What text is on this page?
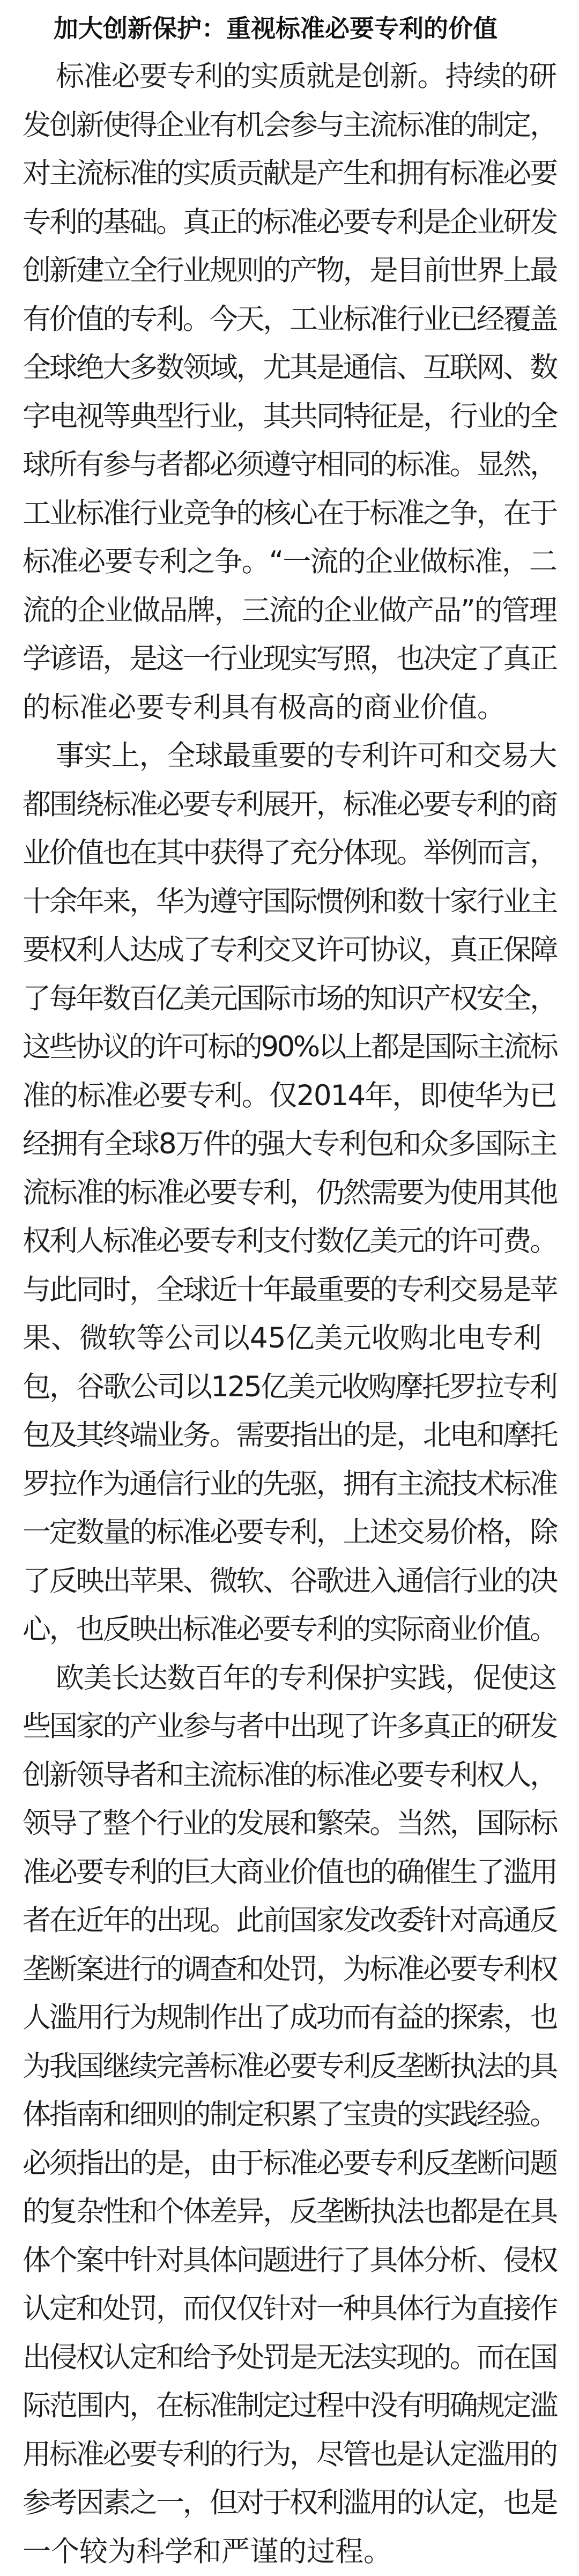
加大创新保护：重视标准必要专利的价值

标准必要专利的实质就是创新。持续的研
发创新使得企业有机会参与主流标准的制定，
对主流标准的实质贡献是产生和拥有标准必要
专利的基础。真正的标准必要专利是企业研发
创新建立全行业规则的产物，是目前世界上最
有价值的专利。今天，工业标准行业已经覆盖
全球绝大多数领域，尤其是通信、互联网、数
字电视等典型行业，其共同特征是，行业的全
球所有参与者都必须遵守相同的标准。显然，
工业标准行业竞争的核心在于标准之争，在于
标准必要专利之争。“一流的企业做标准，二
流的企业做品牌，三流的企业做产品”的管理
学谚语，是这一行业现实写照，也决定了真正
的标准必要专利具有极高的商业价值。

事实上，全球最重要的专利许可和交易大
都围绕标准必要专利展开，标准必要专利的商
业价值也在其中获得了充分体现。举例而言，
十余年来，华为遵守国际惯例和数十家行业主
要权利人达成了专利交叉许可协议，真正保障
了每年数百亿美元国际市场的知识产权安全，
这些协议的许可标的90%以上都是国际主流标
准的标准必要专利。仅2014年，即使华为已
经拥有全球8万件的强大专利包和众多国际主
流标准的标准必要专利，仍然需要为使用其他
权利人标准必要专利支付数亿美元的许可费。
与此同时，全球近十年最重要的专利交易是苹
果、微软等公司以45亿美元收购北电专利
包，谷歌公司以125亿美元收购摩托罗拉专利
包及其终端业务。需要指出的是，北电和摩托
罗拉作为通信行业的先驱，拥有主流技术标准
一定数量的标准必要专利，上述交易价格，除
了反映出苹果、微软、谷歌进入通信行业的决
心，也反映出标准必要专利的实际商业价值。

欧美长达数百年的专利保护实践，促使这
些国家的产业参与者中出现了许多真正的研发
创新领导者和主流标准的标准必要专利权人，
领导了整个行业的发展和繁荣。当然，国际标
准必要专利的巨大商业价值也的确催生了滥用
者在近年的出现。此前国家发改委针对高通反
垄断案进行的调查和处罚，为标准必要专利权
人滥用行为规制作出了成功而有益的探索，也
为我国继续完善标准必要专利反垄断执法的具
体指南和细则的制定积累了宝贵的实践经验。
必须指出的是，由于标准必要专利反垄断问题
的复杂性和个体差异，反垄断执法也都是在具
体个案中针对具体问题进行了具体分析、侵权
认定和处罚，而仅仅针对一种具体行为直接作
出侵权认定和给予处罚是无法实现的。而在国
际范围内，在标准制定过程中没有明确规定滥
用标准必要专利的行为，尽管也是认定滥用的
参考因素之一，但对于权利滥用的认定，也是
一个较为科学和严谨的过程。
